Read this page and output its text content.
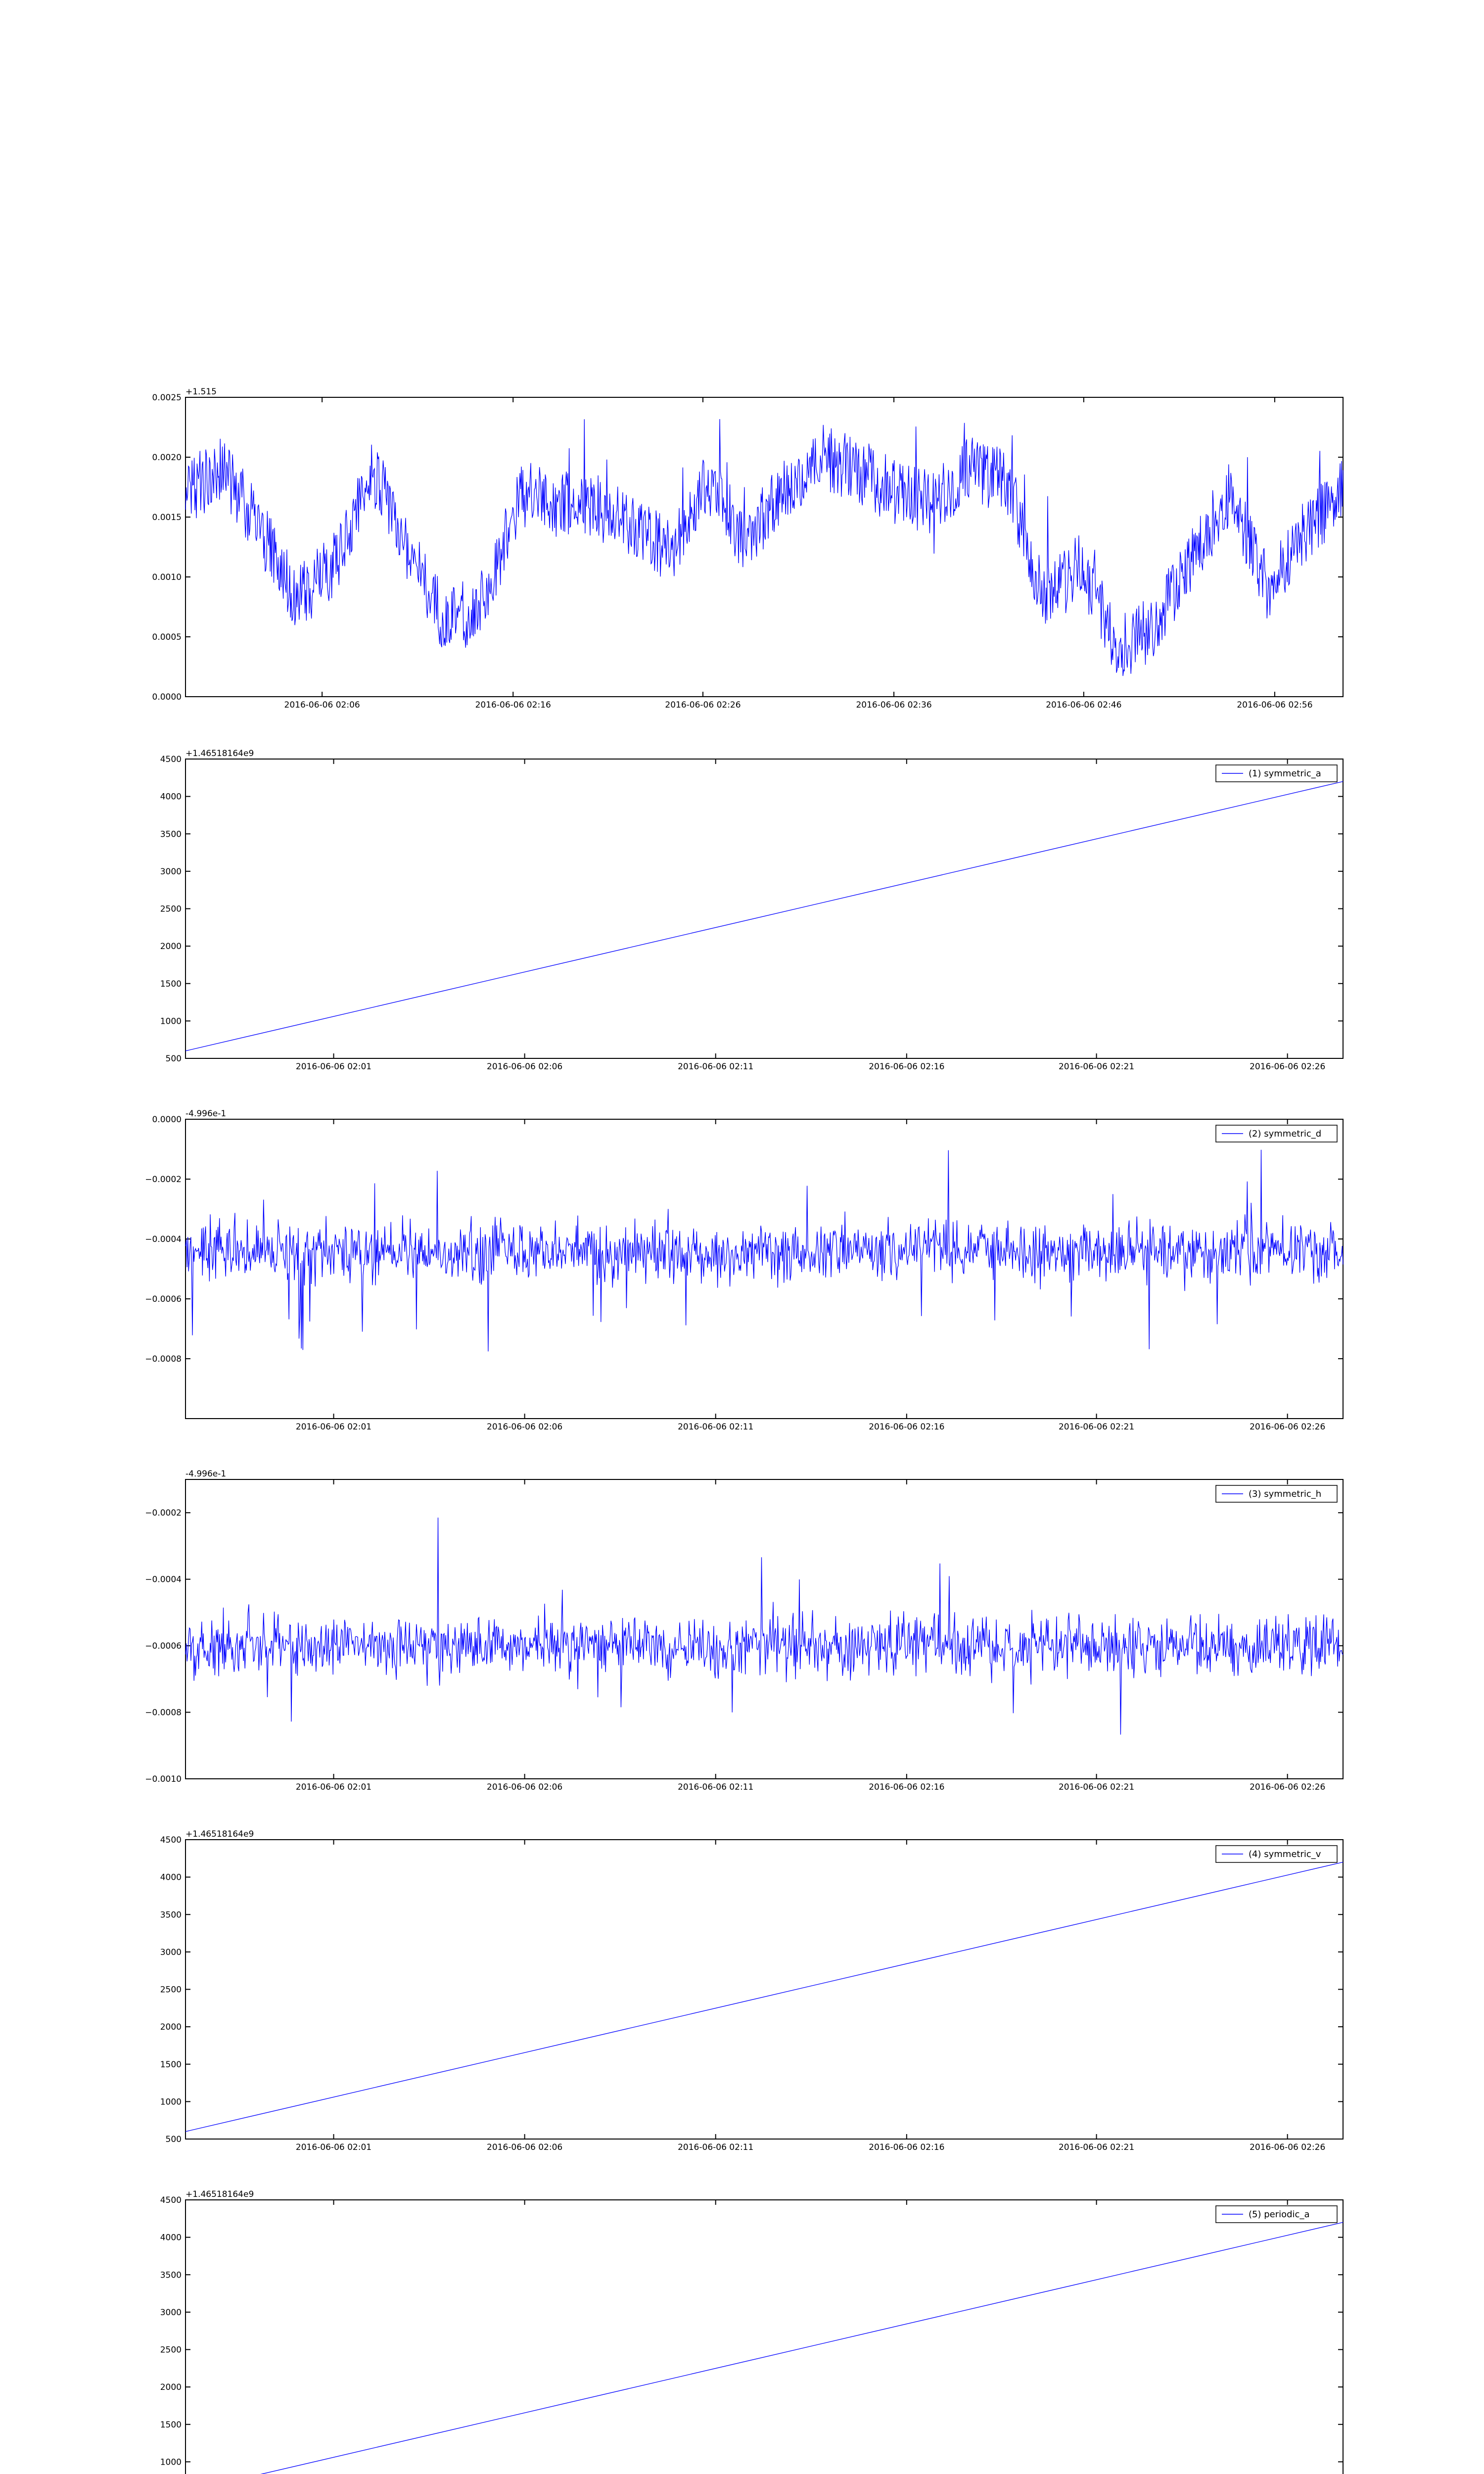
0.0000
0.0005
0.0010
0.0015
0.0020
0.0025
2016-06-06 02:06	2016-06-06 02:16	2016-06-06 02:26	2016-06-06 02:36	2016-06-06 02:46	2016-06-06 02:56
+1.515
500
1000
1500
2000
2500
3000
3500
4000
4500
2016-06-06 02:01	2016-06-06 02:06	2016-06-06 02:11	2016-06-06 02:16	2016-06-06 02:21	2016-06-06 02:26
+1.46518164e9
(1) symmetric_a
−0.0008
−0.0006
−0.0004
−0.0002
0.0000
2016-06-06 02:01	2016-06-06 02:06	2016-06-06 02:11	2016-06-06 02:16	2016-06-06 02:21	2016-06-06 02:26
-4.996e-1
(2) symmetric_d
−0.0010
−0.0008
−0.0006
−0.0004
−0.0002
2016-06-06 02:01	2016-06-06 02:06	2016-06-06 02:11	2016-06-06 02:16	2016-06-06 02:21	2016-06-06 02:26
-4.996e-1
(3) symmetric_h
500
1000
1500
2000
2500
3000
3500
4000
4500
2016-06-06 02:01	2016-06-06 02:06	2016-06-06 02:11	2016-06-06 02:16	2016-06-06 02:21	2016-06-06 02:26
+1.46518164e9
(4) symmetric_v
1000
1500
2000
2500
3000
3500
4000
4500
+1.46518164e9
(5) periodic_a
